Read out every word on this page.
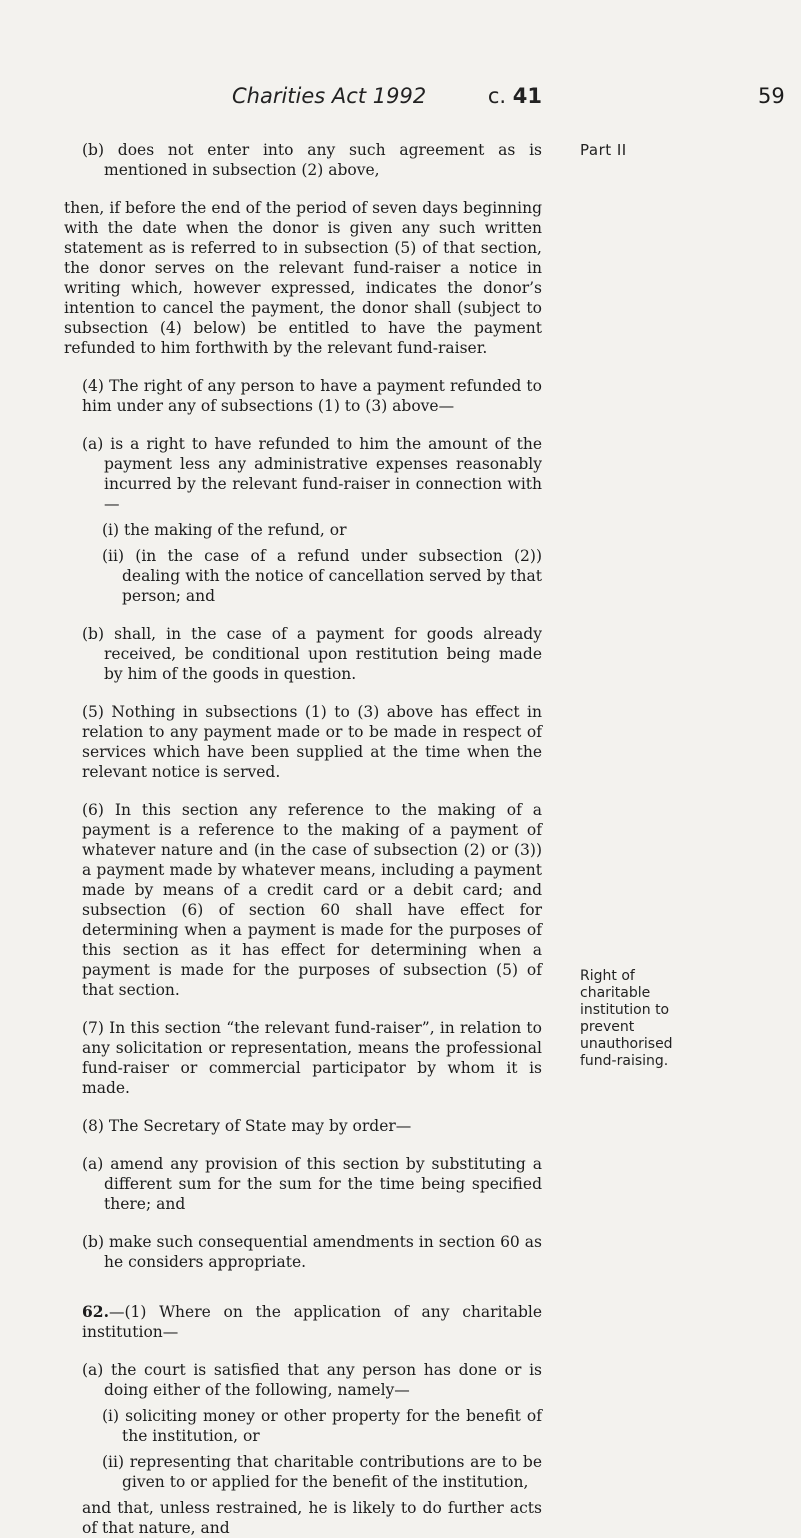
Charities Act 1992	c. 41	59
Part II
Right of
charitable
institution to
prevent
unauthorised
fund-raising.

(b) does not enter into any such agreement as is mentioned in subsection (2) above,

then, if before the end of the period of seven days beginning with the date when the donor is given any such written statement as is referred to in subsection (5) of that section, the donor serves on the relevant fund-raiser a notice in writing which, however expressed, indicates the donor’s intention to cancel the payment, the donor shall (subject to subsection (4) below) be entitled to have the payment refunded to him forthwith by the relevant fund-raiser.

(4) The right of any person to have a payment refunded to him under any of subsections (1) to (3) above—

(a) is a right to have refunded to him the amount of the payment less any administrative expenses reasonably incurred by the relevant fund-raiser in connection with—

(i) the making of the refund, or

(ii) (in the case of a refund under subsection (2)) dealing with the notice of cancellation served by that person; and

(b) shall, in the case of a payment for goods already received, be conditional upon restitution being made by him of the goods in question.

(5) Nothing in subsections (1) to (3) above has effect in relation to any payment made or to be made in respect of services which have been supplied at the time when the relevant notice is served.

(6) In this section any reference to the making of a payment is a reference to the making of a payment of whatever nature and (in the case of subsection (2) or (3)) a payment made by whatever means, including a payment made by means of a credit card or a debit card; and subsection (6) of section 60 shall have effect for determining when a payment is made for the purposes of this section as it has effect for determining when a payment is made for the purposes of subsection (5) of that section.

(7) In this section “the relevant fund-raiser”, in relation to any solicitation or representation, means the professional fund-raiser or commercial participator by whom it is made.

(8) The Secretary of State may by order—

(a) amend any provision of this section by substituting a different sum for the sum for the time being specified there; and

(b) make such consequential amendments in section 60 as he considers appropriate.

62.—(1) Where on the application of any charitable institution—

(a) the court is satisfied that any person has done or is doing either of the following, namely—

(i) soliciting money or other property for the benefit of the institution, or

(ii) representing that charitable contributions are to be given to or applied for the benefit of the institution,

and that, unless restrained, he is likely to do further acts of that nature, and
